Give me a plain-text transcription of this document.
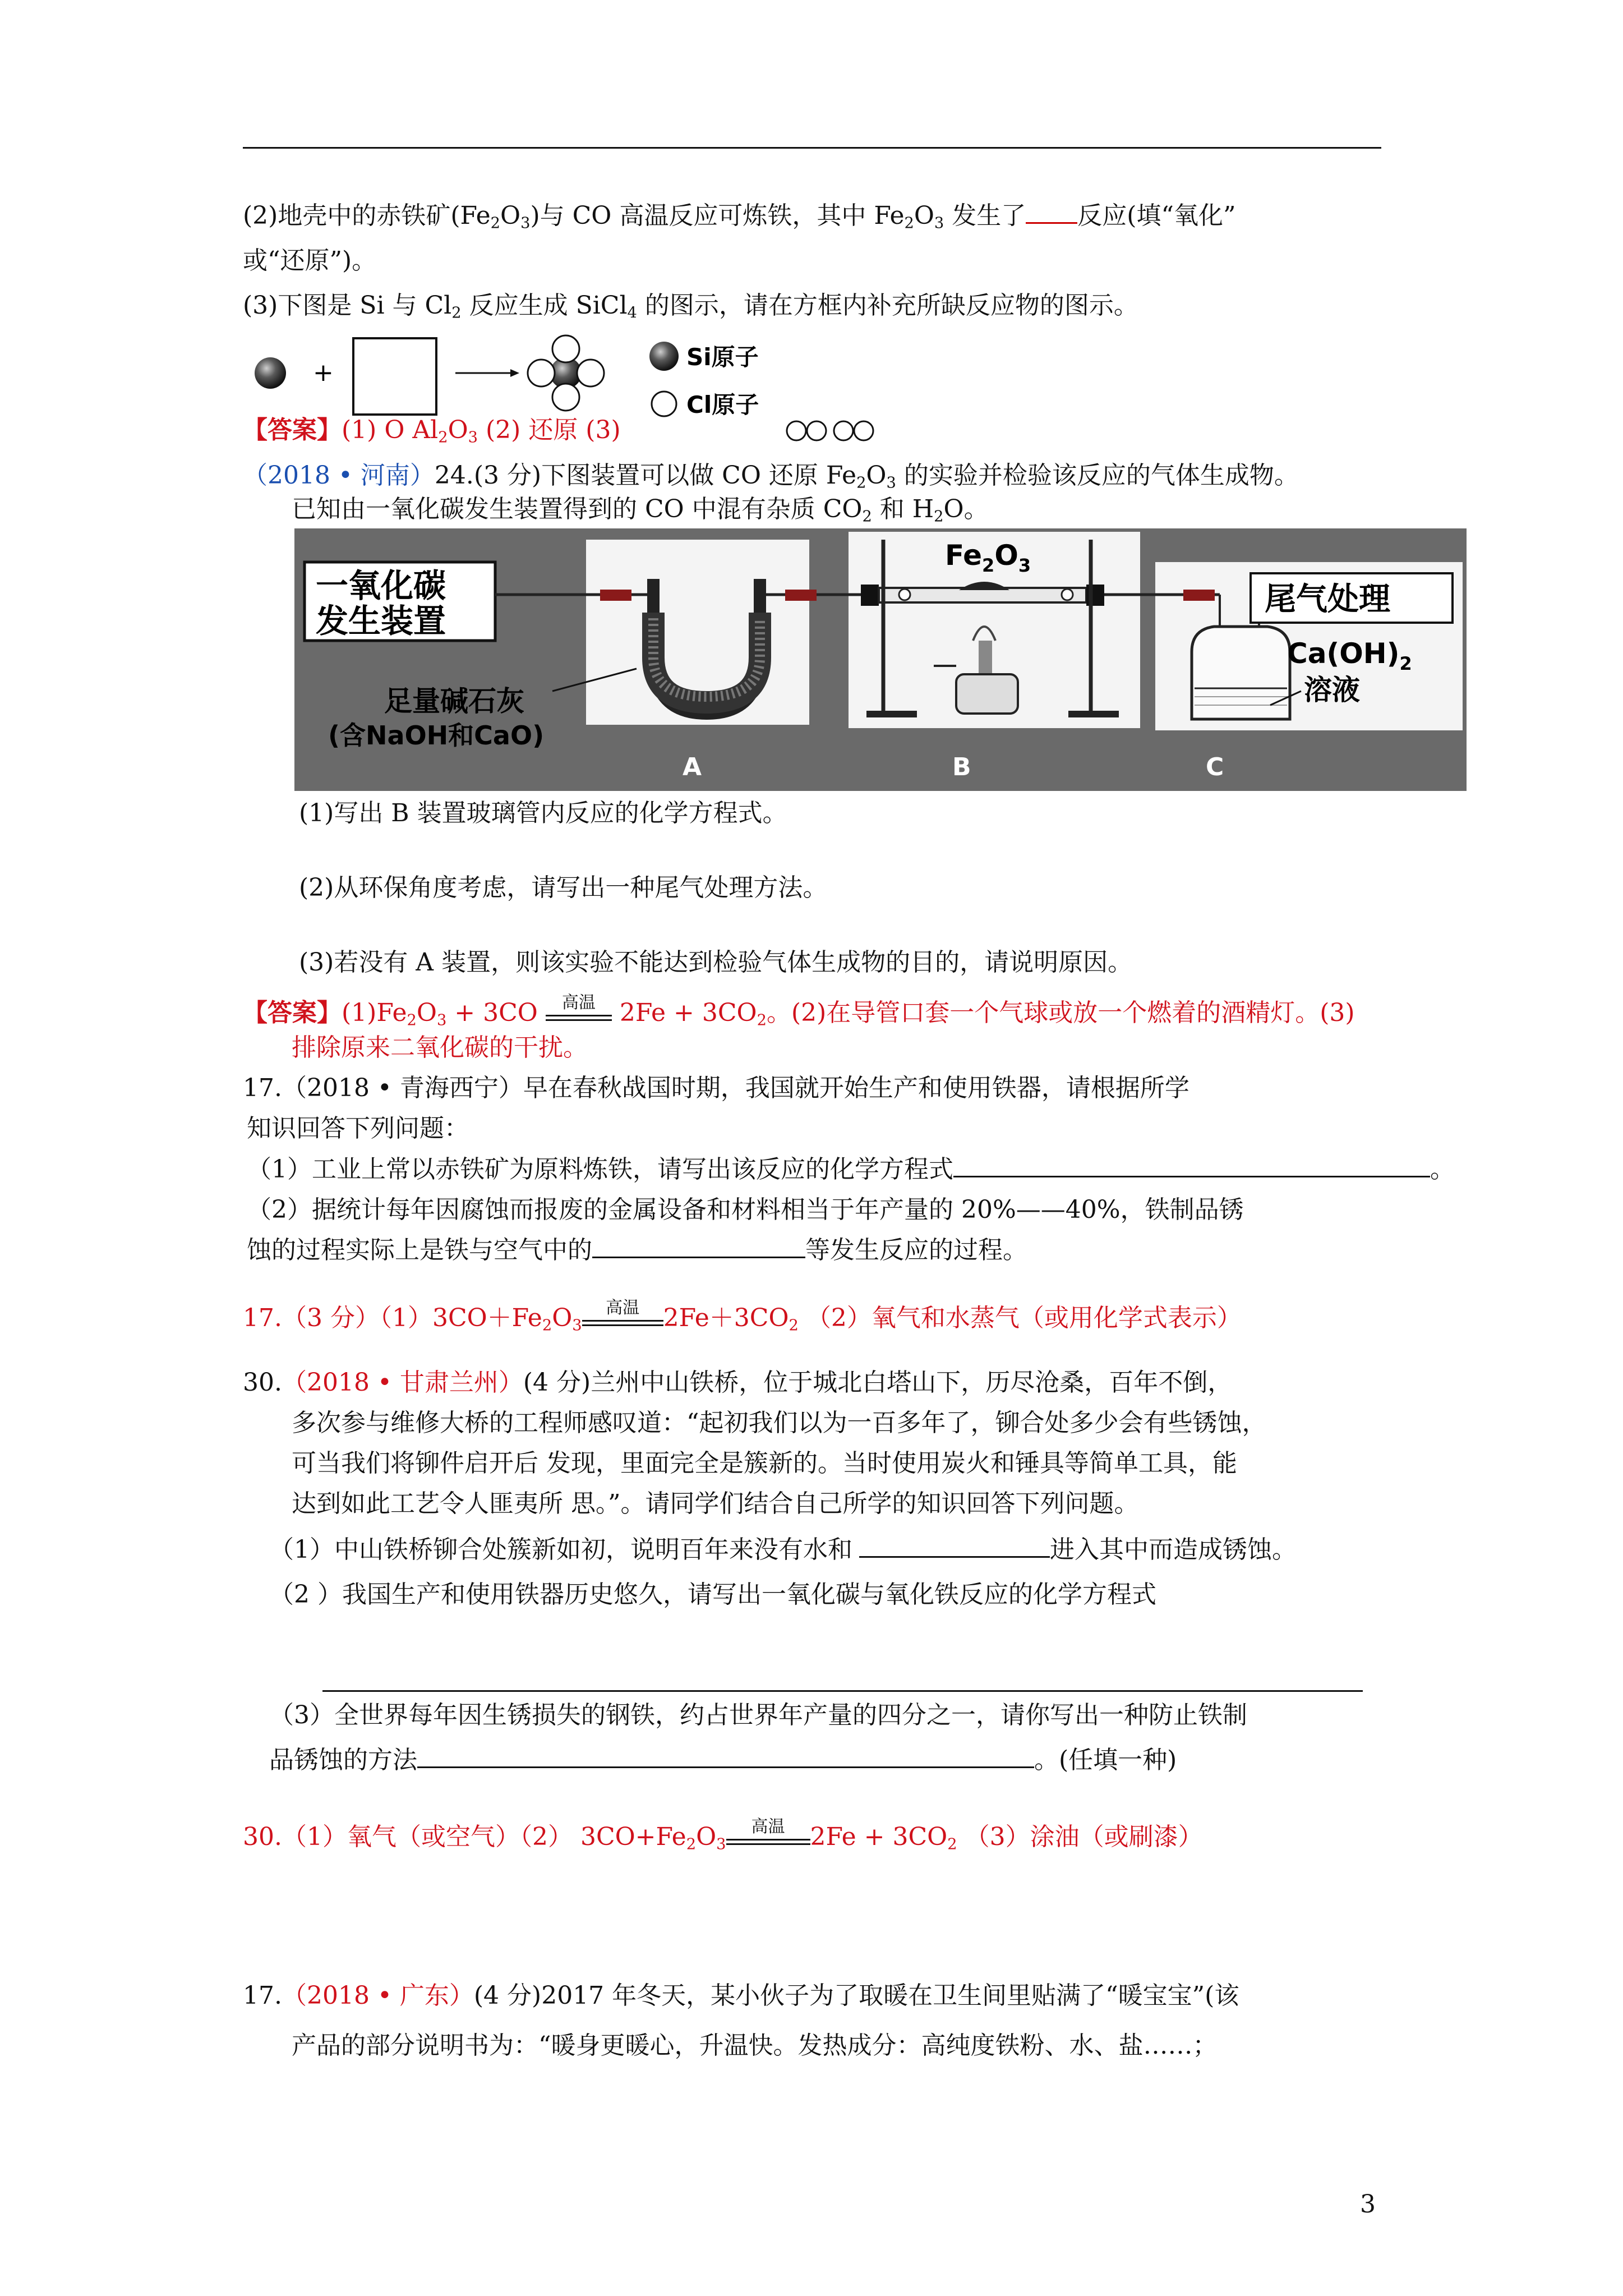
(2)地壳中的赤铁矿$(Fe_2O_3)$与 CO 高温反应可炼铁，其中 $Fe_2O_3$ 发生了 反应(填“氧化”
或“还原”)。
(3)下图是 Si 与 $Cl_2$ 反应生成 SiCl$_4$ 的图示，请在方框内补充所缺反应物的图示。
+
Si原子
Cl原子
【答案】(1) O $Al_2O_3$ (2) 还原 (3)
（2018 • 河南）24.(3 分)下图装置可以做 CO 还原 $Fe_2O_3$ 的实验并检验该反应的气体生成物。
已知由一氧化碳发生装置得到的 CO 中混有杂质 $CO_2$ 和 $H_2O$。
一氧化碳
发生装置
足量碱石灰
(含NaOH和CaO)
$Fe_2O_3$
尾气处理
$Ca(OH)_2$
溶液
A	B	C
(1)写出 B 装置玻璃管内反应的化学方程式。
(2)从环保角度考虑，请写出一种尾气处理方法。
(3)若没有 A 装置，则该实验不能达到检验气体生成物的目的，请说明原因。
【答案】$(1)Fe_2O_3 + 3CO$ 高温 $2Fe + 3CO_2$。(2)在导管口套一个气球或放一个燃着的酒精灯。(3)
排除原来二氧化碳的干扰。
17.（2018 • 青海西宁）早在春秋战国时期，我国就开始生产和使用铁器，请根据所学
知识回答下列问题：
（1）工业上常以赤铁矿为原料炼铁，请写出该反应的化学方程式	。
（2）据统计每年因腐蚀而报废的金属设备和材料相当于年产量的 20%——40%，铁制品锈
蚀的过程实际上是铁与空气中的	等发生反应的过程。
17.（3 分）$(1)3CO+Fe_2O_3$
高温 $2Fe+3CO_2$ （2）氧气和水蒸气（或用化学式表示）
30.（2018 • 甘肃兰州）(4 分)兰州中山铁桥，位于城北白塔山下，历尽沧桑，百年不倒，
多次参与维修大桥的工程师感叹道：“起初我们以为一百多年了，铆合处多少会有些锈蚀，
可当我们将铆件启开后 发现，里面完全是簇新的。当时使用炭火和锤具等简单工具，能
达到如此工艺令人匪夷所 思。”。请同学们结合自己所学的知识回答下列问题。
（1）中山铁桥铆合处簇新如初，说明百年来没有水和	进入其中而造成锈蚀。
（2 ）我国生产和使用铁器历史悠久，请写出一氧化碳与氧化铁反应的化学方程式
（3）全世界每年因生锈损失的钢铁，约占世界年产量的四分之一，请你写出一种防止铁制
品锈蚀的方法	。(任填一种)
30.（1）氧气（或空气）（2） $3CO+Fe_2O_3$
高温	$2Fe + 3CO_2$ （3）涂油（或刷漆）
17.（2018 • 广东）(4 分)2017 年冬天，某小伙子为了取暖在卫生间里贴满了“暖宝宝”(该
产品的部分说明书为：“暖身更暖心，升温快。发热成分：高纯度铁粉、水、盐……；
3
